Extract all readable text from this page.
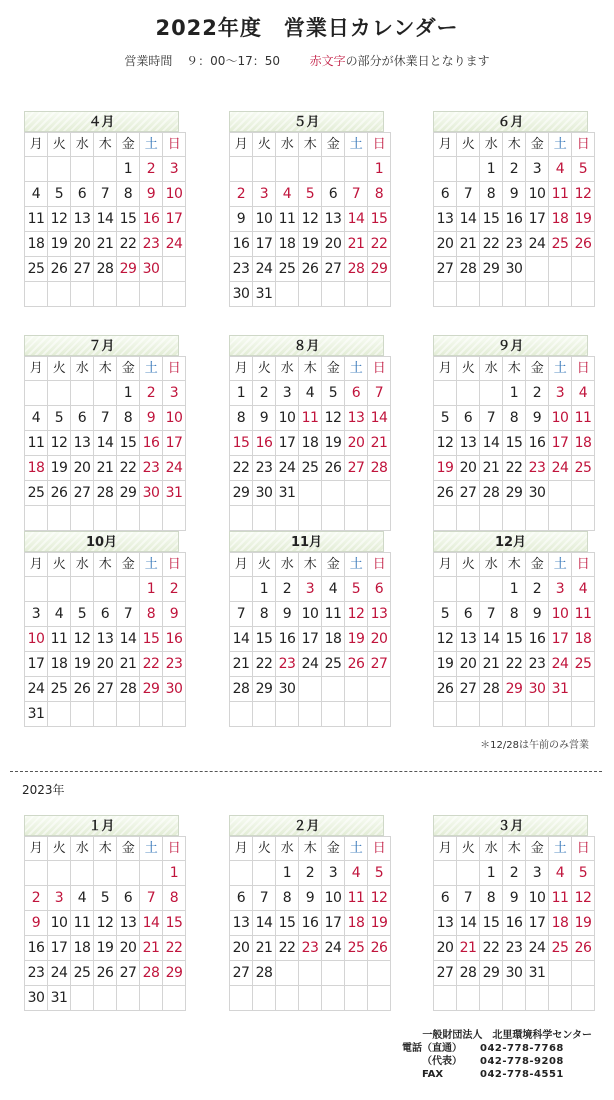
2022年度　営業日カレンダー
営業時間 ９：00～17：50 赤文字の部分が休業日となります
４月
月	火	水	木	金	土	日
				1	2	3
4	5	6	7	8	9	10
11	12	13	14	15	16	17
18	19	20	21	22	23	24
25	26	27	28	29	30	

５月
月	火	水	木	金	土	日
						1
2	3	4	5	6	7	8
9	10	11	12	13	14	15
16	17	18	19	20	21	22
23	24	25	26	27	28	29
30	31					
６月
月	火	水	木	金	土	日
		1	2	3	4	5
6	7	8	9	10	11	12
13	14	15	16	17	18	19
20	21	22	23	24	25	26
27	28	29	30			

７月
月	火	水	木	金	土	日
				1	2	3
4	5	6	7	8	9	10
11	12	13	14	15	16	17
18	19	20	21	22	23	24
25	26	27	28	29	30	31

８月
月	火	水	木	金	土	日
1	2	3	4	5	6	7
8	9	10	11	12	13	14
15	16	17	18	19	20	21
22	23	24	25	26	27	28
29	30	31				

９月
月	火	水	木	金	土	日
			1	2	3	4
5	6	7	8	9	10	11
12	13	14	15	16	17	18
19	20	21	22	23	24	25
26	27	28	29	30		

10月
月	火	水	木	金	土	日
					1	2
3	4	5	6	7	8	9
10	11	12	13	14	15	16
17	18	19	20	21	22	23
24	25	26	27	28	29	30
31						
11月
月	火	水	木	金	土	日
	1	2	3	4	5	6
7	8	9	10	11	12	13
14	15	16	17	18	19	20
21	22	23	24	25	26	27
28	29	30				

12月
月	火	水	木	金	土	日
			1	2	3	4
5	6	7	8	9	10	11
12	13	14	15	16	17	18
19	20	21	22	23	24	25
26	27	28	29	30	31	

１月
月	火	水	木	金	土	日
						1
2	3	4	5	6	7	8
9	10	11	12	13	14	15
16	17	18	19	20	21	22
23	24	25	26	27	28	29
30	31					
２月
月	火	水	木	金	土	日
		1	2	3	4	5
6	7	8	9	10	11	12
13	14	15	16	17	18	19
20	21	22	23	24	25	26
27	28					

３月
月	火	水	木	金	土	日
		1	2	3	4	5
6	7	8	9	10	11	12
13	14	15	16	17	18	19
20	21	22	23	24	25	26
27	28	29	30	31		

＊12/28は午前のみ営業
2023年
一般財団法人　北里環境科学センター
電話（直通）	042-778-7768
（代表）	042-778-9208
FAX	042-778-4551
